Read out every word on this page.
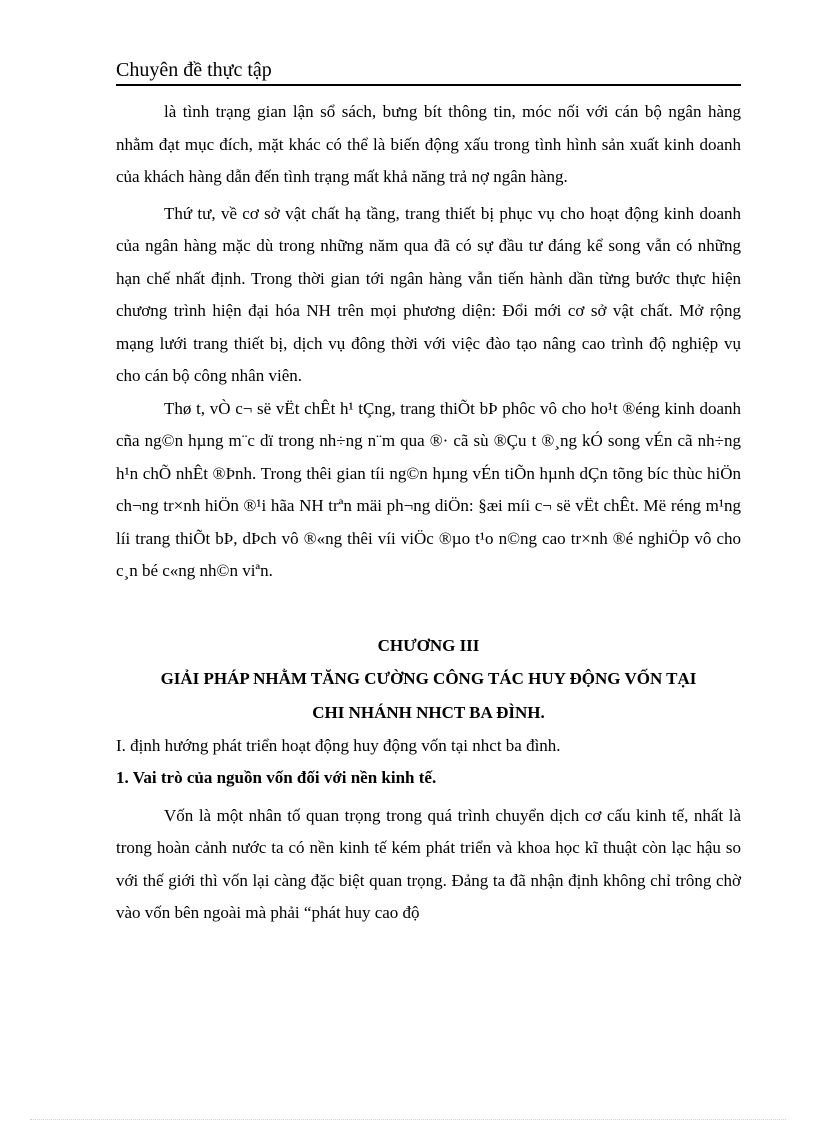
Chuyên đề thực tập

là tình trạng gian lận sổ sách, bưng bít thông tin, móc nối với cán bộ ngân hàng nhằm đạt mục đích, mặt khác có thể là biến động xấu trong tình hình sản xuất kinh doanh của khách hàng dẫn đến tình trạng mất khả năng trả nợ ngân hàng.

Thứ tư, về cơ sở vật chất hạ tầng, trang thiết bị phục vụ cho hoạt động kinh doanh của ngân hàng mặc dù trong những năm qua đã có sự đầu tư đáng kể song vẫn có những hạn chế nhất định. Trong thời gian tới ngân hàng vẫn tiến hành dần từng bước thực hiện chương trình hiện đại hóa NH trên mọi phương diện: Đổi mới cơ sở vật chất. Mở rộng mạng lưới trang thiết bị, dịch vụ đông thời với việc đào tạo nâng cao trình độ nghiệp vụ cho cán bộ công nhân viên.

Thø t, vÒ c¬ së vËt chÊt h¹ tÇng, trang thiÕt bÞ phôc vô cho ho¹t ®éng kinh doanh cña ng©n hµng m¨c dï trong nh÷ng n¨m qua ®· cã sù ®Çu t ®¸ng kÓ song vÉn cã nh÷ng h¹n chÕ nhÊt ®Þnh. Trong thêi gian tíi ng©n hµng vÉn tiÕn hµnh dÇn tõng bíc thùc hiÖn ch¬ng tr×nh hiÖn ®¹i hãa NH trªn mäi ph¬ng diÖn: §æi míi c¬ së vËt chÊt. Më réng m¹ng líi trang thiÕt bÞ, dÞch vô ®«ng thêi víi viÖc ®µo t¹o n©ng cao tr×nh ®é nghiÖp vô cho c¸n bé c«ng nh©n viªn.

CHƯƠNG III

GIẢI PHÁP NHẰM TĂNG CƯỜNG CÔNG TÁC HUY ĐỘNG VỐN TẠI

CHI NHÁNH NHCT BA ĐÌNH.

I. định hướng phát triển hoạt động huy động vốn tại nhct ba đình.

1. Vai trò của nguồn vốn đối với nền kinh tế.

Vốn là một nhân tố quan trọng trong quá trình chuyển dịch cơ cấu kinh tế, nhất là trong hoàn cảnh nước ta có nền kinh tế kém phát triển và khoa học kĩ thuật còn lạc hậu so với thế giới thì vốn lại càng đặc biệt quan trọng. Đảng ta đã nhận định không chỉ trông chờ vào vốn bên ngoài mà phải “phát huy cao độ
